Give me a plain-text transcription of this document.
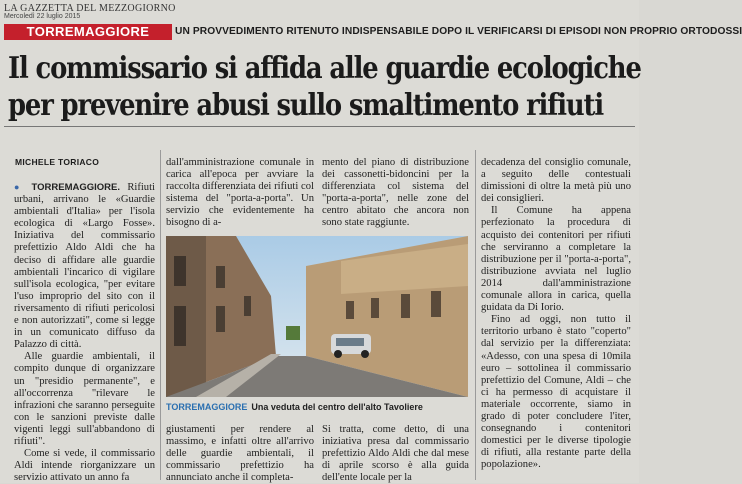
LA GAZZETTA DEL MEZZOGIORNO
Mercoledì 22 luglio 2015
TORREMAGGIORE	UN PROVVEDIMENTO RITENUTO INDISPENSABILE DOPO IL VERIFICARSI DI EPISODI NON PROPRIO ORTODOSSI
Il commissario si affida alle guardie ecologiche
per prevenire abusi sullo smaltimento rifiuti
MICHELE TORIACO

● TORREMAGGIORE. Rifiuti urbani, arrivano le «Guardie ambientali d'Italia» per l'isola ecologica di «Largo Fosse». Iniziativa del commissario prefettizio Aldo Aldi che ha deciso di affidare alle guardie ambientali l'incarico di vigilare sull'isola ecologica, "per evitare l'uso improprio del sito con il riversamento di rifiuti pericolosi e non autorizzati", come si legge in un comunicato diffuso da Palazzo di città.

Alle guardie ambientali, il compito dunque di organizzare un "presidio permanente", e all'occorrenza "rilevare le infrazioni che saranno perseguite con le sanzioni previste dalle vigenti leggi sull'abbandono di rifiuti".

Come si vede, il commissario Aldi intende riorganizzare un servizio attivato un anno fa

dall'amministrazione comunale in carica all'epoca per avviare la raccolta differenziata dei rifiuti col sistema del "porta-a-porta". Un servizio che evidentemente ha bisogno di a-

mento del piano di distribuzione dei cassonetti-bidoncini per la differenziata col sistema del "porta-a-porta", nelle zone del centro abitato che ancora non sono state raggiunte.

decadenza del consiglio comunale, a seguito delle contestuali dimissioni di oltre la metà più uno dei consiglieri.

Il Comune ha appena perfezionato la procedura di acquisto dei contenitori per rifiuti che serviranno a completare la distribuzione per il "porta-a-porta", distribuzione avviata nel luglio 2014 dall'amministrazione comunale allora in carica, quella guidata da Di Iorio.

Fino ad oggi, non tutto il territorio urbano è stato "coperto" dal servizio per la differenziata: «Adesso, con una spesa di 10mila euro – sottolinea il commissario prefettizio del Comune, Aldi – che ci ha permesso di acquistare il materiale occorrente, siamo in grado di poter concludere l'iter, consegnando i contenitori domestici per le diverse tipologie di rifiuti, alla restante parte della popolazione».

TORREMAGGIORE Una veduta del centro dell'alto Tavoliere

giustamenti per rendere al massimo, e infatti oltre all'arrivo delle guardie ambientali, il commissario prefettizio ha annunciato anche il completa-

Si tratta, come detto, di una iniziativa presa dal commissario prefettizio Aldo Aldi che dal mese di aprile scorso è alla guida dell'ente locale per la
